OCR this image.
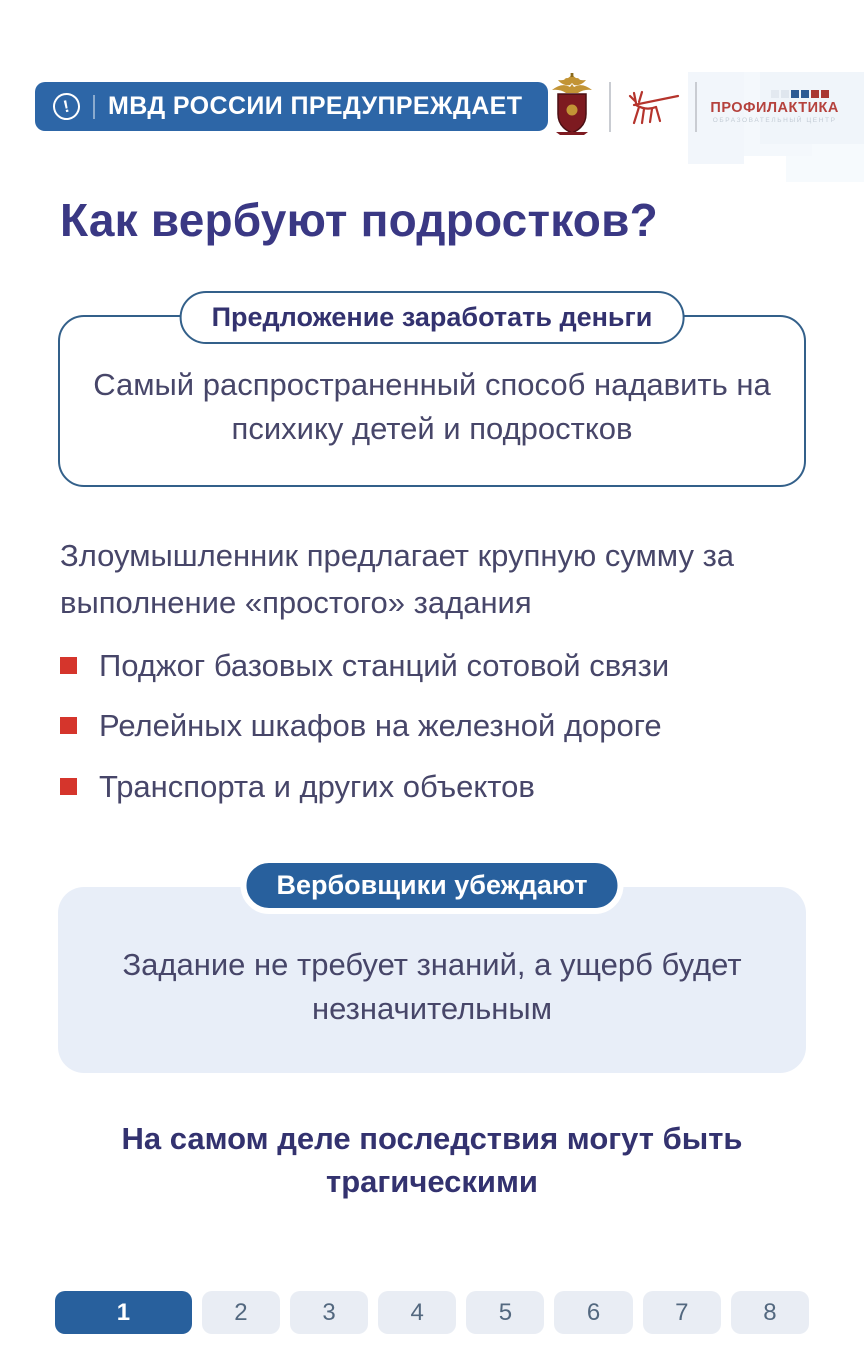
!	МВД РОССИИ ПРЕДУПРЕЖДАЕТ	ПРОФИЛАКТИКА
ОБРАЗОВАТЕЛЬНЫЙ ЦЕНТР
Как вербуют подростков?
Предложение заработать деньги
Самый распространенный способ надавить на психику детей и подростков

Злоумышленник предлагает крупную сумму за выполнение «простого» задания

Поджог базовых станций сотовой связи
Релейных шкафов на железной дороге
Транспорта и других объектов
Вербовщики убеждают
Задание не требует знаний, а ущерб будет незначительным

На самом деле последствия могут быть трагическими

1	2	3	4	5	6	7	8
